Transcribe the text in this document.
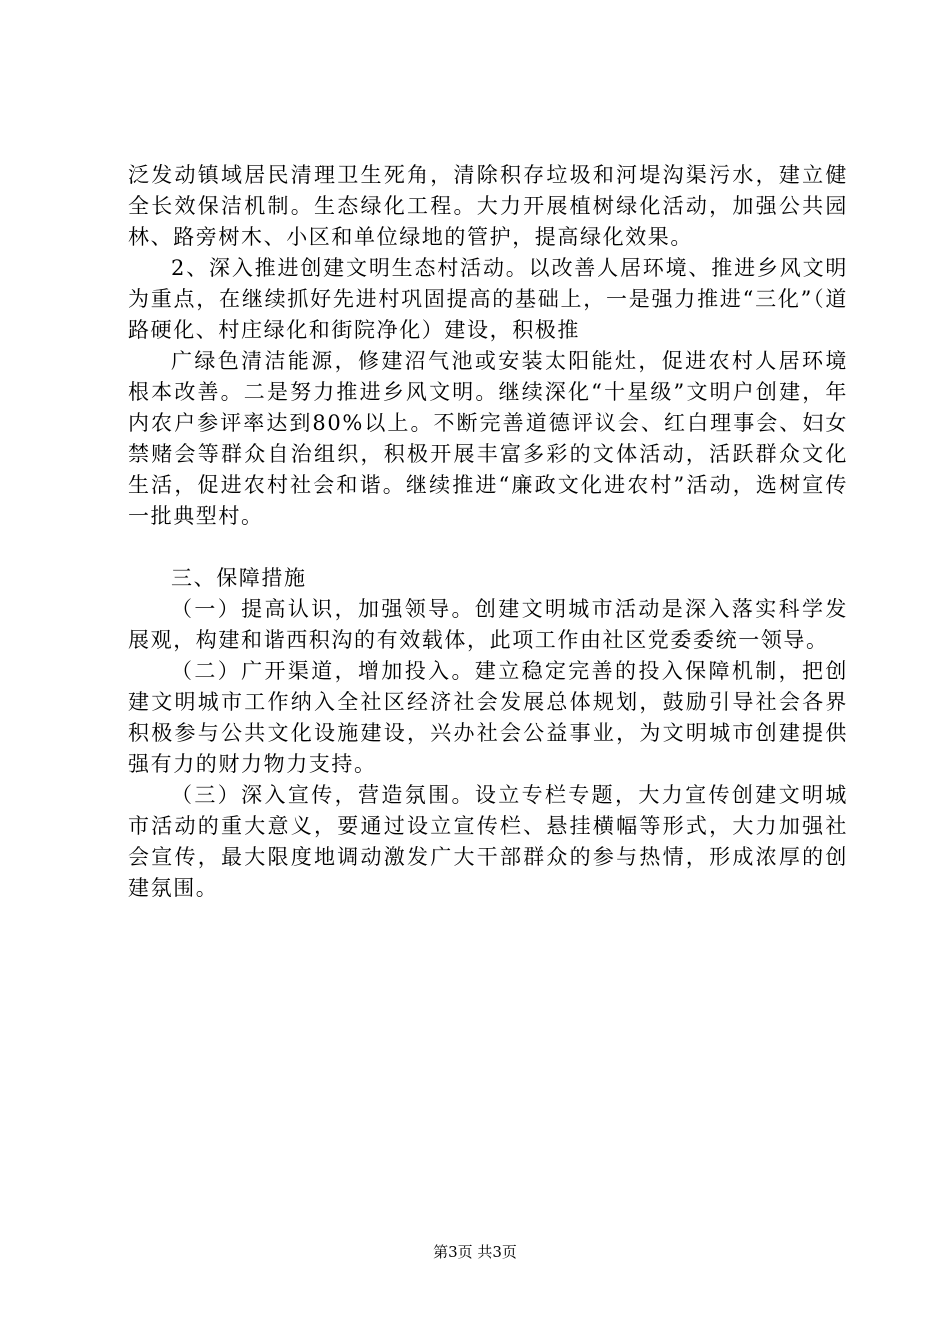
泛发动镇域居民清理卫生死角，清除积存垃圾和河堤沟渠污水，建立健全长效保洁机制。生态绿化工程。大力开展植树绿化活动，加强公共园林、路旁树木、小区和单位绿地的管护，提高绿化效果。

2、深入推进创建文明生态村活动。以改善人居环境、推进乡风文明为重点，在继续抓好先进村巩固提高的基础上，一是强力推进“三化”（道路硬化、村庄绿化和街院净化）建设，积极推

广绿色清洁能源，修建沼气池或安装太阳能灶，促进农村人居环境根本改善。二是努力推进乡风文明。继续深化“十星级”文明户创建，年内农户参评率达到80%以上。不断完善道德评议会、红白理事会、妇女禁赌会等群众自治组织，积极开展丰富多彩的文体活动，活跃群众文化生活，促进农村社会和谐。继续推进“廉政文化进农村”活动，选树宣传一批典型村。

三、保障措施

（一）提高认识，加强领导。创建文明城市活动是深入落实科学发展观，构建和谐西积沟的有效载体，此项工作由社区党委委统一领导。

（二）广开渠道，增加投入。建立稳定完善的投入保障机制，把创建文明城市工作纳入全社区经济社会发展总体规划，鼓励引导社会各界积极参与公共文化设施建设，兴办社会公益事业，为文明城市创建提供强有力的财力物力支持。

（三）深入宣传，营造氛围。设立专栏专题，大力宣传创建文明城市活动的重大意义，要通过设立宣传栏、悬挂横幅等形式，大力加强社会宣传，最大限度地调动激发广大干部群众的参与热情，形成浓厚的创建氛围。

第3页 共3页
